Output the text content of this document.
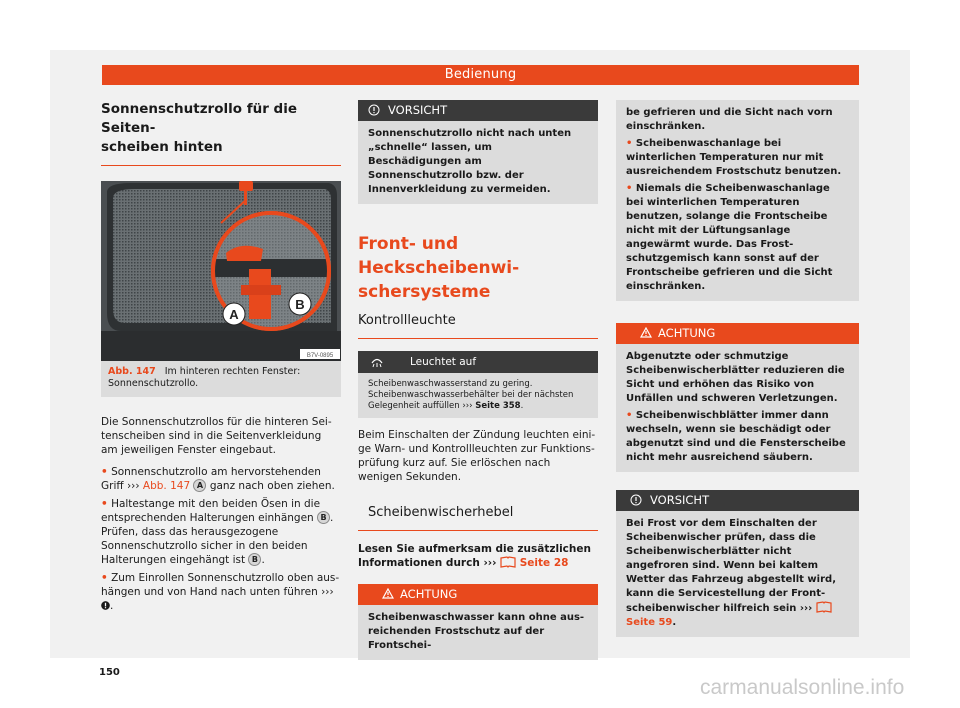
Bedienung
Sonnenschutzrollo für die Seiten-
scheiben hinten
A
B
B7V-0895
Abb. 147 Im hinteren rechten Fenster: Sonnenschutzrollo.

Die Sonnenschutzrollos für die hinteren Seitenscheiben sind in die Seitenverkleidung am jeweiligen Fenster eingebaut.

• Sonnenschutzrollo am hervorstehenden Griff ››› Abb. 147 A ganz nach oben ziehen.

• Haltestange mit den beiden Ösen in die entsprechenden Halterungen einhängen B . Prüfen, dass das herausgezogene Sonnenschutzrollo sicher in den beiden Halterungen eingehängt ist B .

• Zum Einrollen Sonnenschutzrollo oben aushängen und von Hand nach unten führen ›››
.

150
VORSICHT
Sonnenschutzrollo nicht nach unten „schnelle“ lassen, um Beschädigungen am Sonnenschutzrollo bzw. der Innenverkleidung zu vermeiden.
Front- und Heckscheibenwi-
schersysteme
Kontrollleuchte
Leuchtet auf
Scheibenwaschwasserstand zu gering. Scheibenwaschwasserbehälter bei der nächsten Gelegenheit auffüllen ››› Seite 358.

Beim Einschalten der Zündung leuchten einige Warn- und Kontrollleuchten zur Funktionsprüfung kurz auf. Sie erlöschen nach wenigen Sekunden.

Scheibenwischerhebel

Lesen Sie aufmerksam die zusätzlichen Informationen durch ››› Seite 28

ACHTUNG
Scheibenwaschwasser kann ohne ausreichenden Frostschutz auf der Frontschei-
be gefrieren und die Sicht nach vorn einschränken.
• Scheibenwaschanlage bei winterlichen Temperaturen nur mit ausreichendem Frostschutz benutzen.
• Niemals die Scheibenwaschanlage bei winterlichen Temperaturen benutzen, solange die Frontscheibe nicht mit der Lüftungsanlage angewärmt wurde. Das Frostschutzgemisch kann sonst auf der Frontscheibe gefrieren und die Sicht einschränken.
ACHTUNG
Abgenutzte oder schmutzige Scheibenwischerblätter reduzieren die Sicht und erhöhen das Risiko von Unfällen und schweren Verletzungen.
• Scheibenwischblätter immer dann wechseln, wenn sie beschädigt oder abgenutzt sind und die Fensterscheibe nicht mehr ausreichend säubern.
VORSICHT
Bei Frost vor dem Einschalten der Scheibenwischer prüfen, dass die Scheibenwischerblätter nicht angefroren sind. Wenn bei kaltem Wetter das Fahrzeug abgestellt wird, kann die Servicestellung der Frontscheibenwischer hilfreich sein ›››
Seite 59.
carmanualsonline.info
